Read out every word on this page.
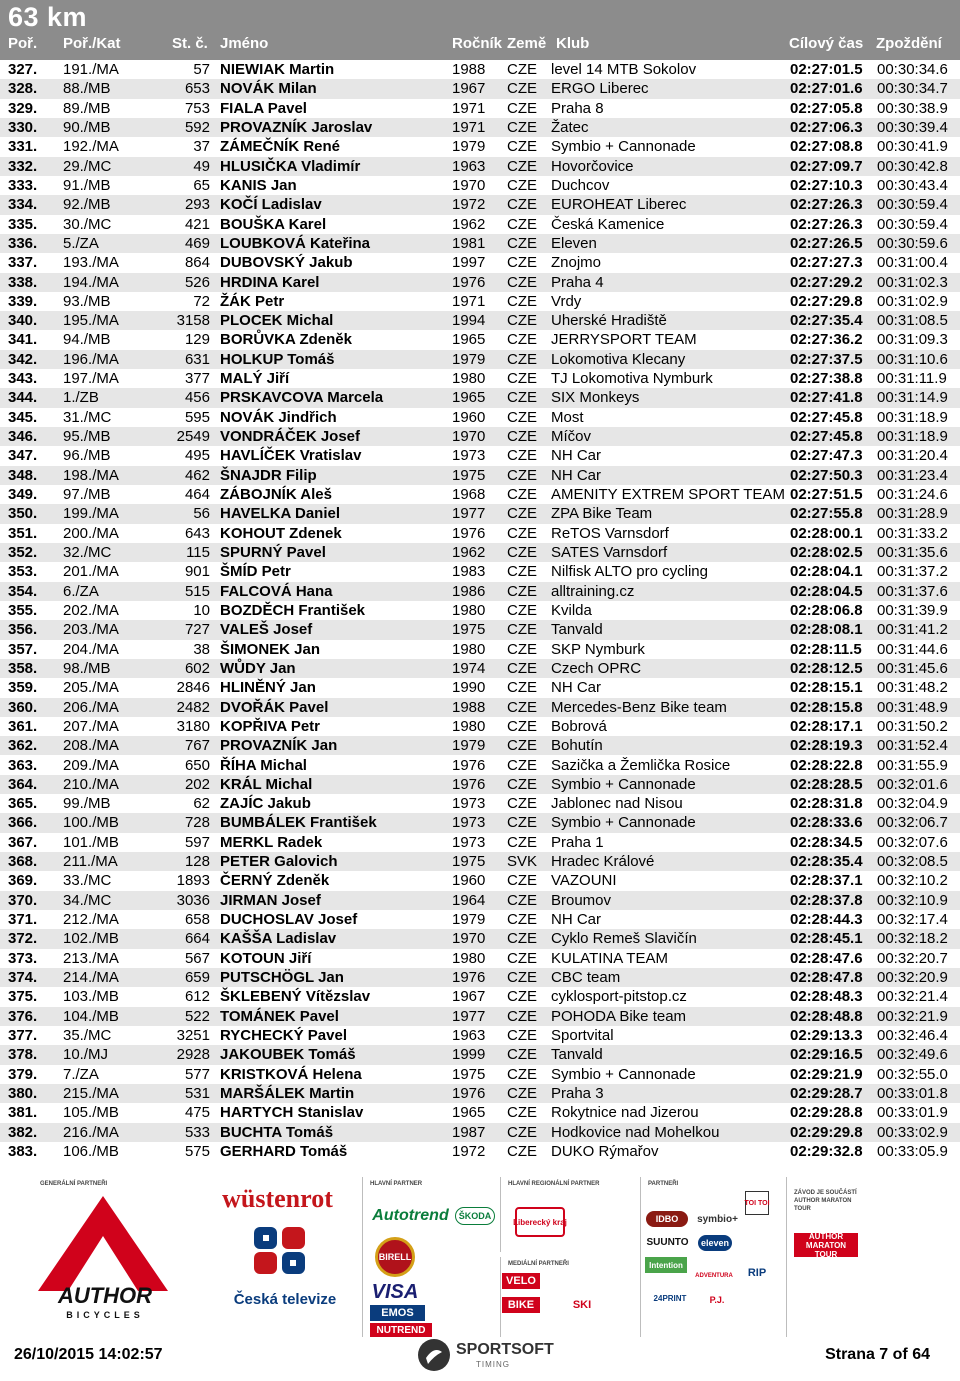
63 km
Poř. Poř./Kat	St. č. Jméno	Ročník Země Klub	Cílový čas Zpoždění
327.	191./MA	57 NIEWIAK Martin	1988	CZE level 14 MTB Sokolov	02:27:01.5 00:30:34.6
328.	88./MB	653 NOVÁK Milan	1967	CZE ERGO Liberec	02:27:01.6 00:30:34.7
329.	89./MB	753 FIALA Pavel	1971	CZE Praha 8	02:27:05.8 00:30:38.9
330.	90./MB	592 PROVAZNÍK Jaroslav	1971	CZE Žatec	02:27:06.3 00:30:39.4
331.	192./MA	37 ZÁMEČNÍK René	1979	CZE Symbio + Cannonade	02:27:08.8 00:30:41.9
332.	29./MC	49 HLUSIČKA Vladimír	1963	CZE Hovorčovice	02:27:09.7 00:30:42.8
333.	91./MB	65 KANIS Jan	1970	CZE Duchcov	02:27:10.3 00:30:43.4
334.	92./MB	293 KOČÍ Ladislav	1972	CZE EUROHEAT Liberec	02:27:26.3 00:30:59.4
335.	30./MC	421 BOUŠKA Karel	1962	CZE Česká Kamenice	02:27:26.3 00:30:59.4
336.	5./ZA	469 LOUBKOVÁ Kateřina	1981	CZE Eleven	02:27:26.5 00:30:59.6
337.	193./MA	864 DUBOVSKÝ Jakub	1997	CZE Znojmo	02:27:27.3 00:31:00.4
338.	194./MA	526 HRDINA Karel	1976	CZE Praha 4	02:27:29.2 00:31:02.3
339.	93./MB	72 ŽÁK Petr	1971	CZE Vrdy	02:27:29.8 00:31:02.9
340.	195./MA	3158 PLOCEK Michal	1994	CZE Uherské Hradiště	02:27:35.4 00:31:08.5
341.	94./MB	129 BORŮVKA Zdeněk	1965	CZE JERRYSPORT TEAM	02:27:36.2 00:31:09.3
342.	196./MA	631 HOLKUP Tomáš	1979	CZE Lokomotiva Klecany	02:27:37.5 00:31:10.6
343.	197./MA	377 MALÝ Jiří	1980	CZE TJ Lokomotiva Nymburk	02:27:38.8 00:31:11.9
344.	1./ZB	456 PRSKAVCOVA Marcela	1965	CZE SIX Monkeys	02:27:41.8 00:31:14.9
345.	31./MC	595 NOVÁK Jindřich	1960	CZE Most	02:27:45.8 00:31:18.9
346.	95./MB	2549 VONDRÁČEK Josef	1970	CZE Míčov	02:27:45.8 00:31:18.9
347.	96./MB	495 HAVLÍČEK Vratislav	1973	CZE NH Car	02:27:47.3 00:31:20.4
348.	198./MA	462 ŠNAJDR Filip	1975	CZE NH Car	02:27:50.3 00:31:23.4
349.	97./MB	464 ZÁBOJNÍK Aleš	1968	CZE AMENITY EXTREM SPORT TEAM 02:27:51.5 00:31:24.6
350.	199./MA	56 HAVELKA Daniel	1977	CZE ZPA Bike Team	02:27:55.8 00:31:28.9
351.	200./MA	643 KOHOUT Zdenek	1976	CZE ReTOS Varnsdorf	02:28:00.1 00:31:33.2
352.	32./MC	115 SPURNÝ Pavel	1962	CZE SATES Varnsdorf	02:28:02.5 00:31:35.6
353.	201./MA	901 ŠMÍD Petr	1983	CZE Nilfisk ALTO pro cycling	02:28:04.1 00:31:37.2
354.	6./ZA	515 FALCOVÁ Hana	1986	CZE alltraining.cz	02:28:04.5 00:31:37.6
355.	202./MA	10 BOZDĚCH František	1980	CZE Kvilda	02:28:06.8 00:31:39.9
356.	203./MA	727 VALEŠ Josef	1975	CZE Tanvald	02:28:08.1 00:31:41.2
357.	204./MA	38 ŠIMONEK Jan	1980	CZE SKP Nymburk	02:28:11.5 00:31:44.6
358.	98./MB	602 WŮDY Jan	1974	CZE Czech OPRC	02:28:12.5 00:31:45.6
359.	205./MA	2846 HLINĚNÝ Jan	1990	CZE NH Car	02:28:15.1 00:31:48.2
360.	206./MA	2482 DVOŘÁK Pavel	1988	CZE Mercedes-Benz Bike team	02:28:15.8 00:31:48.9
361.	207./MA	3180 KOPŘIVA Petr	1980	CZE Bobrová	02:28:17.1 00:31:50.2
362.	208./MA	767 PROVAZNÍK Jan	1979	CZE Bohutín	02:28:19.3 00:31:52.4
363.	209./MA	650 ŘÍHA Michal	1976	CZE Sazička a Žemlička Rosice	02:28:22.8 00:31:55.9
364.	210./MA	202 KRÁL Michal	1976	CZE Symbio + Cannonade	02:28:28.5 00:32:01.6
365.	99./MB	62 ZAJÍC Jakub	1973	CZE Jablonec nad Nisou	02:28:31.8 00:32:04.9
366.	100./MB	728 BUMBÁLEK František	1973	CZE Symbio + Cannonade	02:28:33.6 00:32:06.7
367.	101./MB	597 MERKL Radek	1973	CZE Praha 1	02:28:34.5 00:32:07.6
368.	211./MA	128 PETER Galovich	1975	SVK Hradec Králové	02:28:35.4 00:32:08.5
369.	33./MC	1893 ČERNÝ Zdeněk	1960	CZE VAZOUNI	02:28:37.1 00:32:10.2
370.	34./MC	3036 JIRMAN Josef	1964	CZE Broumov	02:28:37.8 00:32:10.9
371.	212./MA	658 DUCHOSLAV Josef	1979	CZE NH Car	02:28:44.3 00:32:17.4
372.	102./MB	664 KAŠŠA Ladislav	1970	CZE Cyklo Remeš Slavičín	02:28:45.1 00:32:18.2
373.	213./MA	567 KOTOUN Jiří	1980	CZE KULATINA TEAM	02:28:47.6 00:32:20.7
374.	214./MA	659 PUTSCHÖGL Jan	1976	CZE CBC team	02:28:47.8 00:32:20.9
375.	103./MB	612 ŠKLEBENÝ Vítězslav	1967	CZE cyklosport-pitstop.cz	02:28:48.3 00:32:21.4
376.	104./MB	522 TOMÁNEK Pavel	1977	CZE POHODA Bike team	02:28:48.8 00:32:21.9
377.	35./MC	3251 RYCHECKÝ Pavel	1963	CZE Sportvital	02:29:13.3 00:32:46.4
378.	10./MJ	2928 JAKOUBEK Tomáš	1999	CZE Tanvald	02:29:16.5 00:32:49.6
379.	7./ZA	577 KRISTKOVÁ Helena	1975	CZE Symbio + Cannonade	02:29:21.9 00:32:55.0
380.	215./MA	531 MARŠÁLEK Martin	1976	CZE Praha 3	02:29:28.7 00:33:01.8
381.	105./MB	475 HARTYCH Stanislav	1965	CZE Rokytnice nad Jizerou	02:29:28.8 00:33:01.9
382.	216./MA	533 BUCHTA Tomáš	1987	CZE Hodkovice nad Mohelkou	02:29:29.8 00:33:02.9
383.	106./MB	575 GERHARD Tomáš	1972	CZE DUKO Rýmařov	02:29:32.8 00:33:05.9
GENERÁLNÍ PARTNEŘI
AUTHOR
BICYCLES
wüstenrot
Česká televize
HLAVNÍ PARTNER
Autotrend	ŠKODA
BIRELL
VISA
EMOS
NUTREND
HLAVNÍ REGIONÁLNÍ PARTNER
Liberecký kraj
MEDIÁLNÍ PARTNEŘI
VELO
BIKE	SKI
PARTNEŘI
TOI TOI
IDBO	symbio+
SUUNTO	eleven
Intention
ADVENTURA	RIP
24PRINT	P.J.
ZÁVOD JE SOUČÁSTÍ AUTHOR MARATON TOUR
AUTHOR MARATON TOUR
26/10/2015 14:02:57	SPORTSOFT
TIMING
Strana 7 of 64
